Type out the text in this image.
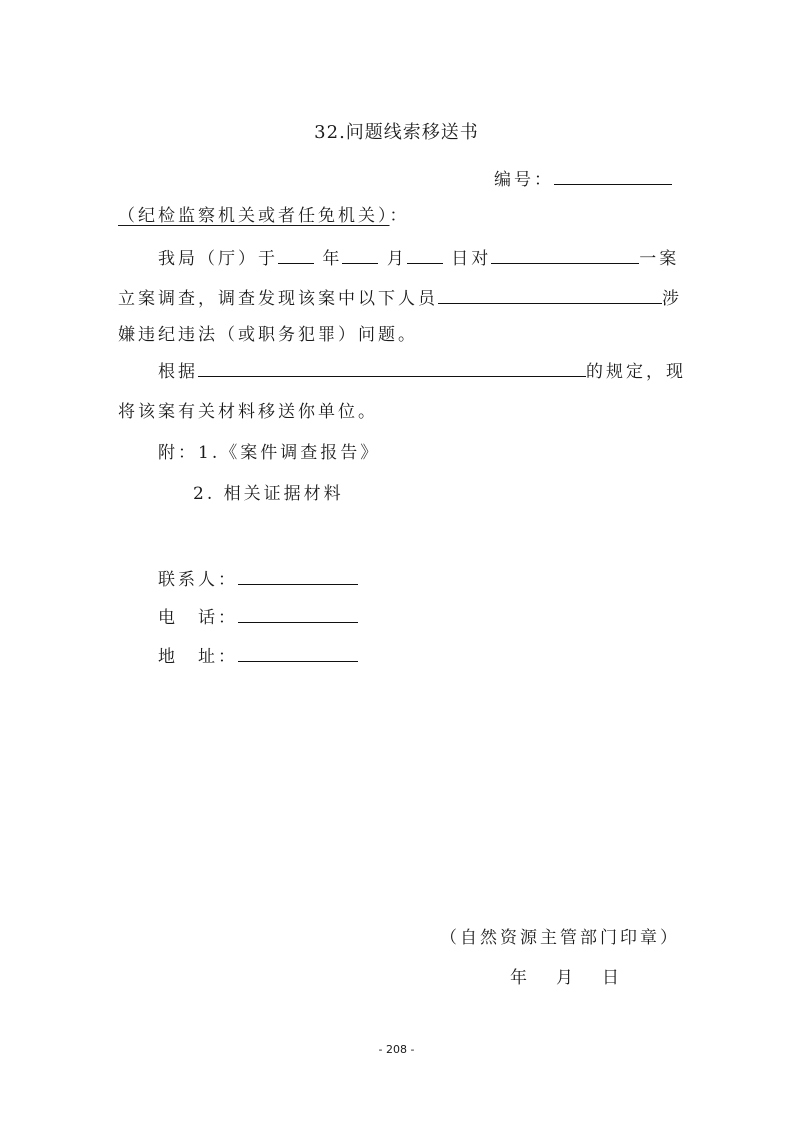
32.问题线索移送书
编号：
（纪检监察机关或者任免机关）：
我局（厅）于	年	月	日对	一案
立案调查，调查发现该案中以下人员	涉
嫌违纪违法（或职务犯罪）问题。
根据	的规定，现
将该案有关材料移送你单位。
附：1.《案件调查报告》
2. 相关证据材料
联系人：
电　话：
地　址：
（自然资源主管部门印章）
年　月　日
- 208 -
